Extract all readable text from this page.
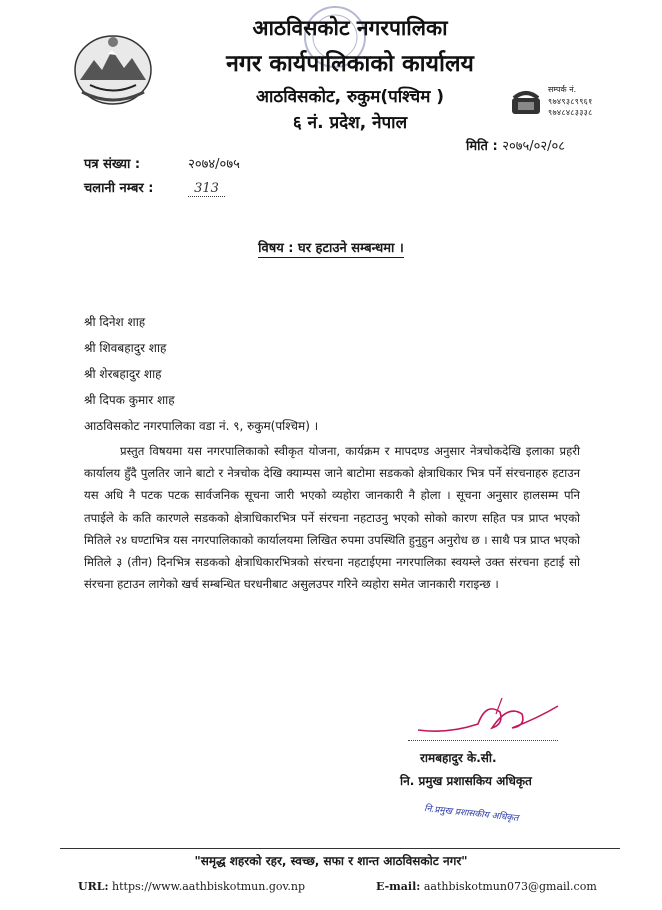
आठविसकोट नगरपालिका
नगर कार्यपालिकाको कार्यालय
आठविसकोट, रुकुम(पश्चिम )
६ नं. प्रदेश, नेपाल
सम्पर्क नं.
९७४९३८९९६१
९७४८४८३३३८
मिति : २०७५/०२/०८
पत्र संख्या :	२०७४/०७५
चलानी नम्बर :	313
विषय : घर हटाउने सम्बन्धमा ।
श्री दिनेश शाह
श्री शिवबहादुर शाह
श्री शेरबहादुर शाह
श्री दिपक कुमार शाह
आठविसकोट नगरपालिका वडा नं. ९, रुकुम(पश्चिम) ।
प्रस्तुत विषयमा यस नगरपालिकाको स्वीकृत योजना, कार्यक्रम र मापदण्ड अनुसार नेत्रचोकदेखि इलाका प्रहरी कार्यालय हुँदै पुलतिर जाने बाटो र नेत्रचोक देखि क्याम्पस जाने बाटोमा सडकको क्षेत्राधिकार भित्र पर्ने संरचनाहरु हटाउन यस अधि नै पटक पटक सार्वजनिक सूचना जारी भएको व्यहोरा जानकारी नै होला । सूचना अनुसार हालसम्म पनि तपाईले के कति कारणले सडकको क्षेत्राधिकारभित्र पर्ने संरचना नहटाउनु भएको सोको कारण सहित पत्र प्राप्त भएको मितिले २४ घण्टाभित्र यस नगरपालिकाको कार्यालयमा लिखित रुपमा उपस्थिति हुनुहुन अनुरोध छ । साथै पत्र प्राप्त भएको मितिले ३ (तीन) दिनभित्र सडकको क्षेत्राधिकारभित्रको संरचना नहटाईएमा नगरपालिका स्वयम्ले उक्त संरचना हटाई सो संरचना हटाउन लागेको खर्च सम्बन्धित घरधनीबाट असुलउपर गरिने व्यहोरा समेत जानकारी गराइन्छ ।
रामबहादुर के.सी.
नि. प्रमुख प्रशासकिय अधिकृत
नि.प्रमुख प्रशासकीय अधिकृत
"समृद्ध शहरको रहर, स्वच्छ, सफा र शान्त आठविसकोट नगर"
URL: https://www.aathbiskotmun.gov.np	E-mail: aathbiskotmun073@gmail.com
